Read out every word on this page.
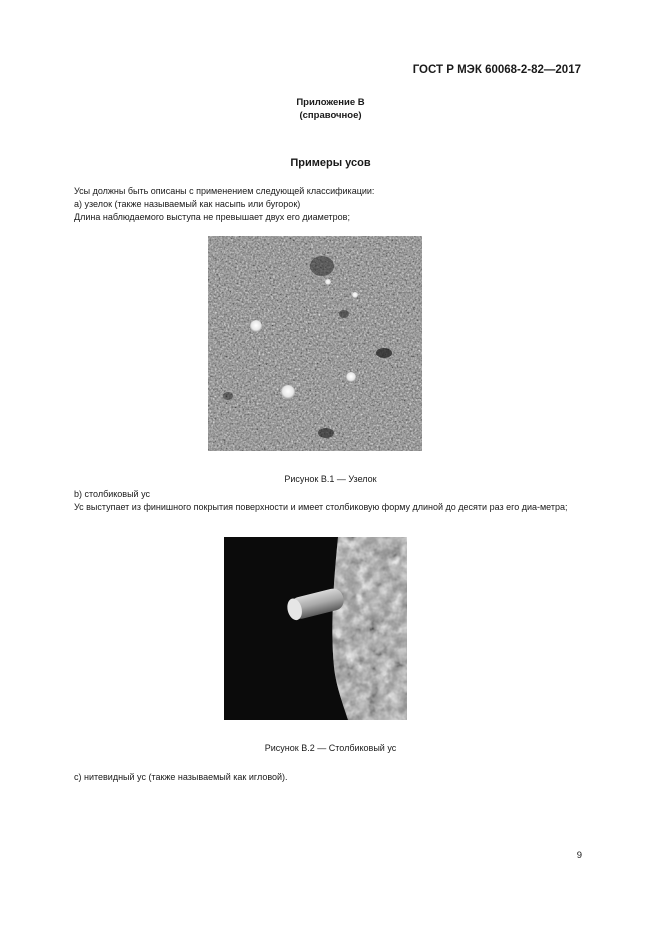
ГОСТ Р МЭК 60068-2-82—2017
Приложение В
(справочное)
Примеры усов
Усы должны быть описаны с применением следующей классификации:
а) узелок (также называемый как насыпь или бугорок)
Длина наблюдаемого выступа не превышает двух его диаметров;
Рисунок В.1 — Узелок
b) столбиковый ус
Ус выступает из финишного покрытия поверхности и имеет столбиковую форму длиной до десяти раз его диа-метра;
Рисунок В.2 — Столбиковый ус
с) нитевидный ус (также называемый как игловой).
9
